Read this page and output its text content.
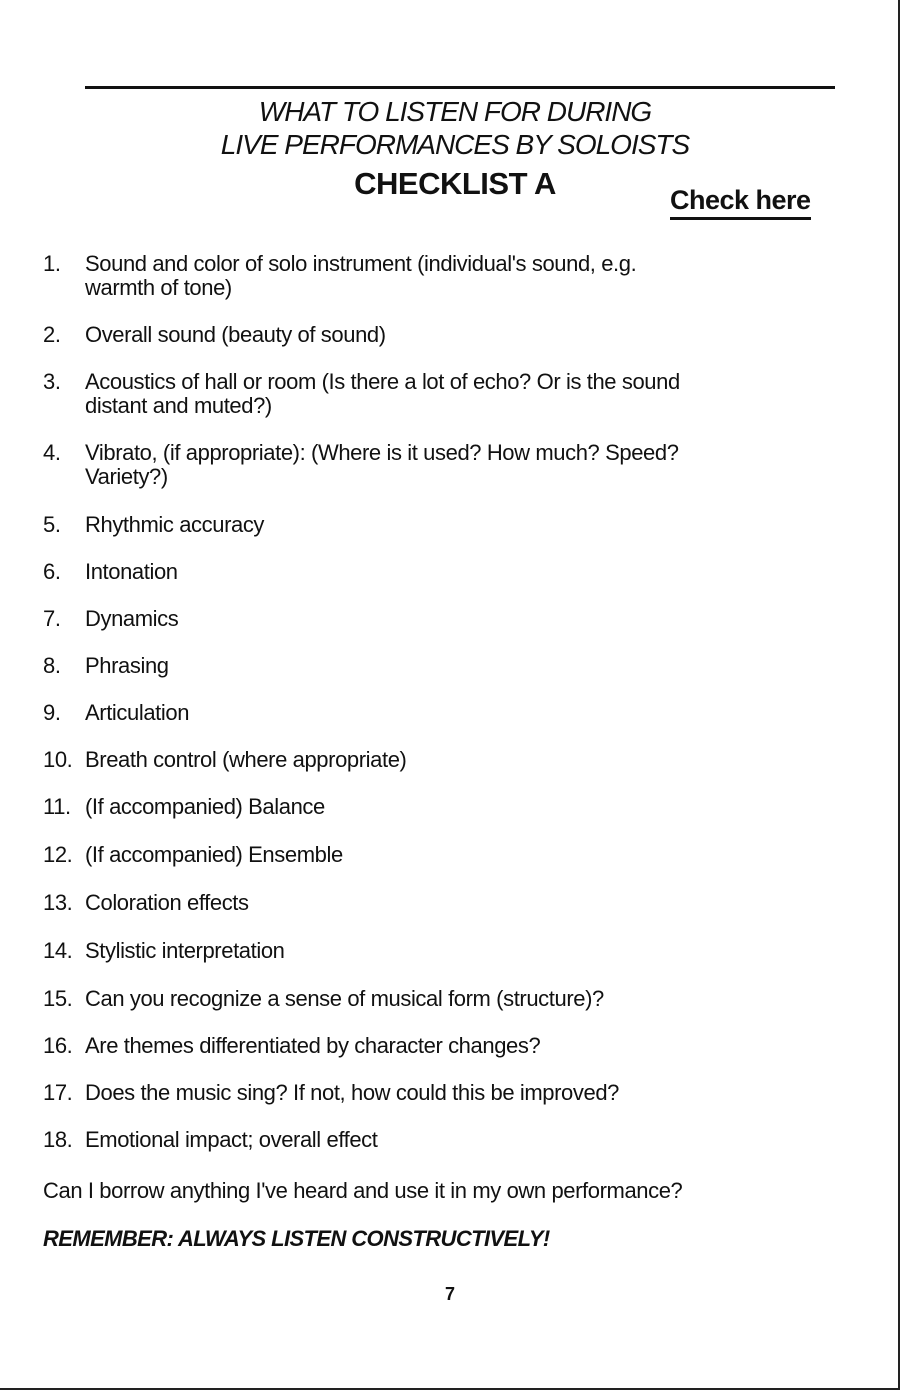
WHAT TO LISTEN FOR DURING
LIVE PERFORMANCES BY SOLOISTS
CHECKLIST A	Check here
1. Sound and color of solo instrument (individual's sound, e.g. warmth of tone)
2. Overall sound (beauty of sound)
3. Acoustics of hall or room (Is there a lot of echo? Or is the sound distant and muted?)
4. Vibrato, (if appropriate): (Where is it used? How much? Speed? Variety?)
5. Rhythmic accuracy
6. Intonation
7. Dynamics
8. Phrasing
9. Articulation
10. Breath control (where appropriate)
11. (If accompanied) Balance
12. (If accompanied) Ensemble
13. Coloration effects
14. Stylistic interpretation
15. Can you recognize a sense of musical form (structure)?
16. Are themes differentiated by character changes?
17. Does the music sing? If not, how could this be improved?
18. Emotional impact; overall effect
Can I borrow anything I've heard and use it in my own performance?
REMEMBER: ALWAYS LISTEN CONSTRUCTIVELY!
7
